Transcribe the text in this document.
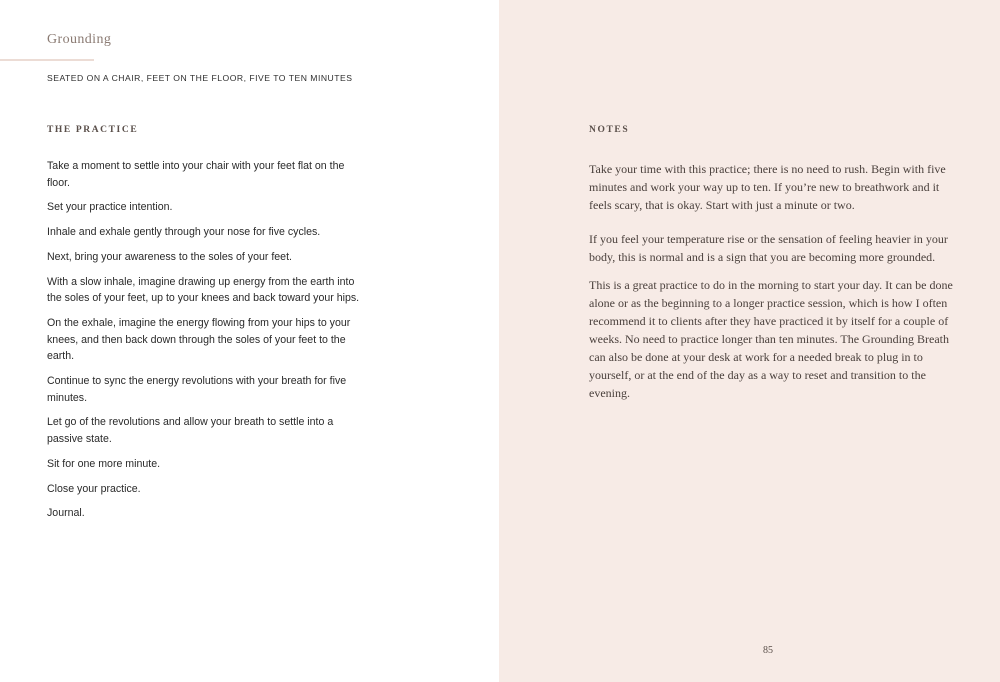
Grounding
SEATED ON A CHAIR, FEET ON THE FLOOR, FIVE TO TEN MINUTES
THE PRACTICE
Take a moment to settle into your chair with your feet flat on the floor.
Set your practice intention.
Inhale and exhale gently through your nose for five cycles.
Next, bring your awareness to the soles of your feet.
With a slow inhale, imagine drawing up energy from the earth into the soles of your feet, up to your knees and back toward your hips.
On the exhale, imagine the energy flowing from your hips to your knees, and then back down through the soles of your feet to the earth.
Continue to sync the energy revolutions with your breath for five minutes.
Let go of the revolutions and allow your breath to settle into a passive state.
Sit for one more minute.
Close your practice.
Journal.
NOTES

Take your time with this practice; there is no need to rush. Begin with five minutes and work your way up to ten. If you’re new to breathwork and it feels scary, that is okay. Start with just a minute or two.

If you feel your temperature rise or the sensation of feeling heavier in your body, this is normal and is a sign that you are becoming more grounded.

This is a great practice to do in the morning to start your day. It can be done alone or as the beginning to a longer practice session, which is how I often recommend it to clients after they have practiced it by itself for a couple of weeks. No need to practice longer than ten minutes. The Grounding Breath can also be done at your desk at work for a needed break to plug in to yourself, or at the end of the day as a way to reset and transition to the evening.

85
